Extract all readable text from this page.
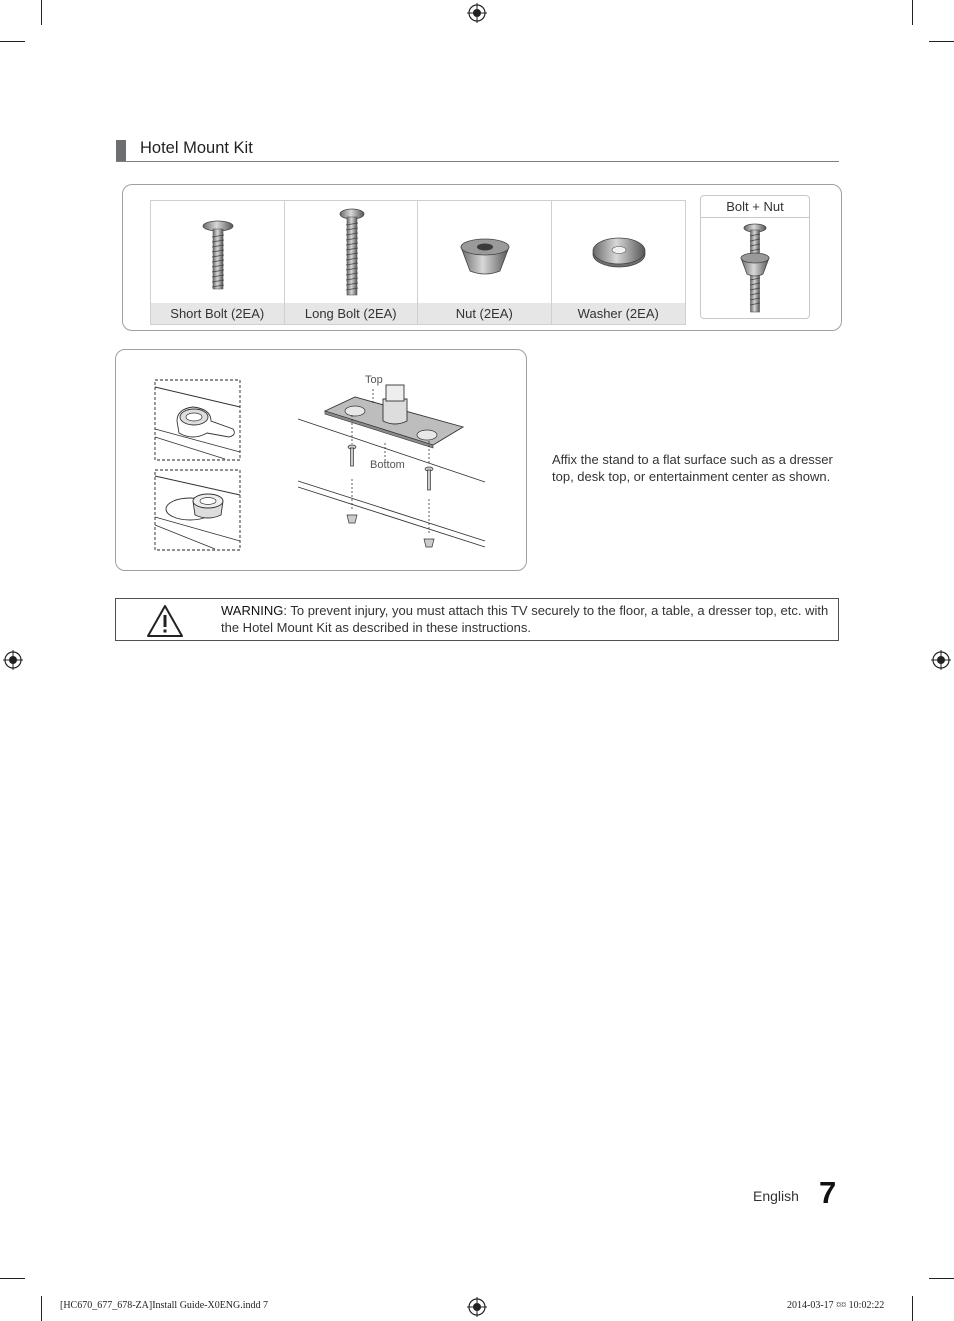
Hotel Mount Kit
Short Bolt (2EA)	Long Bolt (2EA)	Nut (2EA)	Washer (2EA)
Bolt + Nut
Top
Bottom	Affix the stand to a flat surface such as a dresser top, desk top, or entertainment center as shown.
WARNING: To prevent injury, you must attach this TV securely to the floor, a table, a dresser top, etc. with the Hotel Mount Kit as described in these instructions.
English 7
[HC670_677_678-ZA]Install Guide-X0ENG.indd 7	2014-03-17 ¤¤ 10:02:22
